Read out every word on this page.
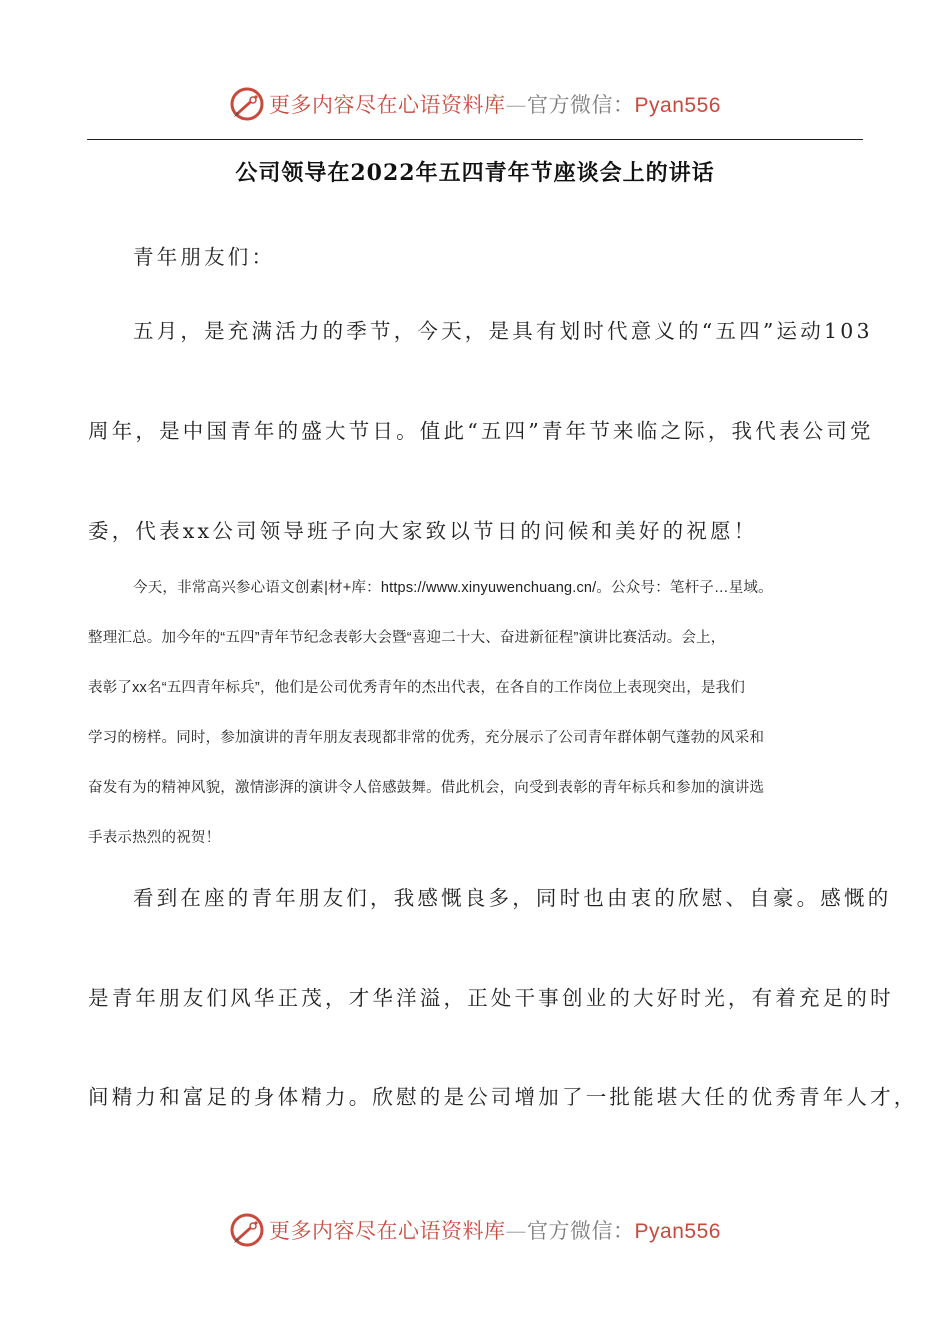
更多内容尽在心语资料库—官方微信：Pyan556
公司领导在2022年五四青年节座谈会上的讲话
青年朋友们：
五月，是充满活力的季节，今天，是具有划时代意义的“五四”运动103
周年，是中国青年的盛大节日。值此“五四”青年节来临之际，我代表公司党
委，代表xx公司领导班子向大家致以节日的问候和美好的祝愿！
今天，非常高兴参心语文创素|材+库：https://www.xinyuwenchuang.cn/。公众号：笔杆子…星域。
整理汇总。加今年的“五四”青年节纪念表彰大会暨“喜迎二十大、奋进新征程”演讲比赛活动。会上，
表彰了xx名“五四青年标兵”，他们是公司优秀青年的杰出代表，在各自的工作岗位上表现突出，是我们
学习的榜样。同时，参加演讲的青年朋友表现都非常的优秀，充分展示了公司青年群体朝气蓬勃的风采和
奋发有为的精神风貌，激情澎湃的演讲令人倍感鼓舞。借此机会，向受到表彰的青年标兵和参加的演讲选
手表示热烈的祝贺！
看到在座的青年朋友们，我感慨良多，同时也由衷的欣慰、自豪。感慨的
是青年朋友们风华正茂，才华洋溢，正处干事创业的大好时光，有着充足的时
间精力和富足的身体精力。欣慰的是公司增加了一批能堪大任的优秀青年人才，
更多内容尽在心语资料库—官方微信：Pyan556
